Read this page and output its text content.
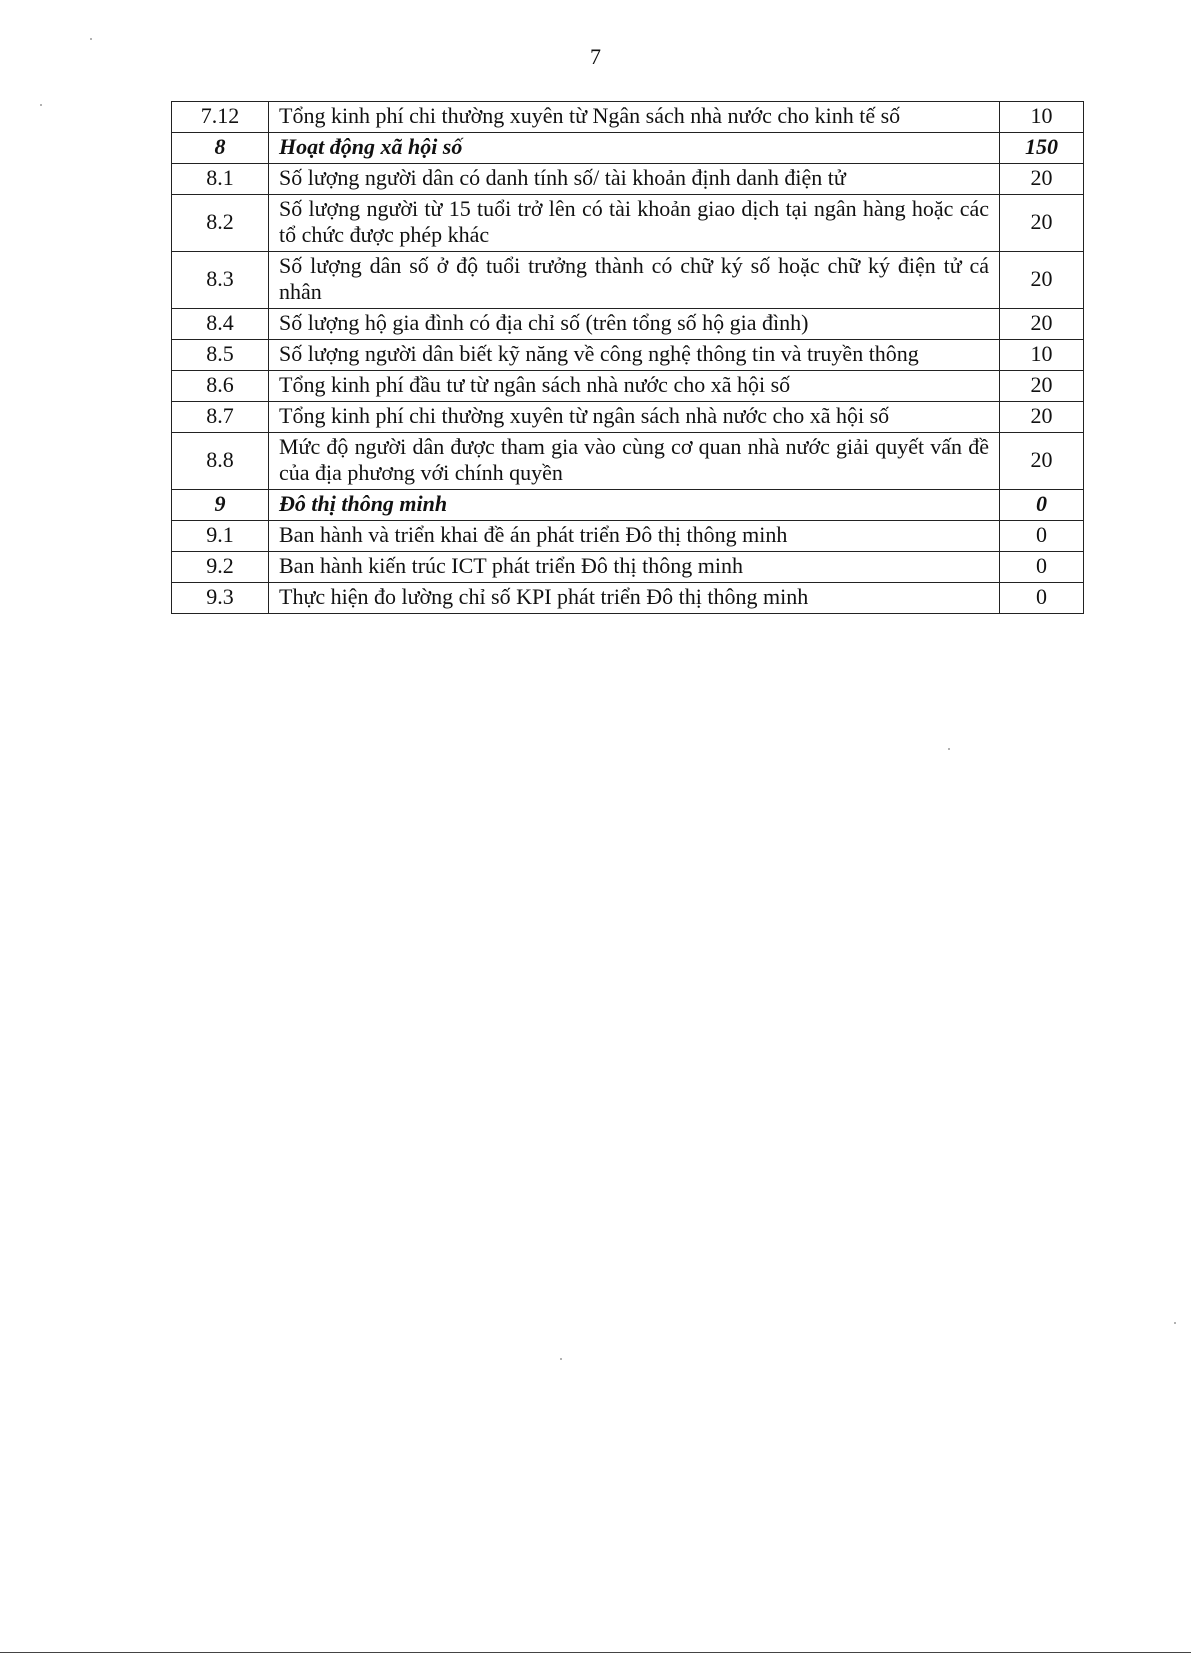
7
7.12	Tổng kinh phí chi thường xuyên từ Ngân sách nhà nước cho kinh tế số	10
8	Hoạt động xã hội số	150
8.1	Số lượng người dân có danh tính số/ tài khoản định danh điện tử	20
8.2	Số lượng người từ 15 tuổi trở lên có tài khoản giao dịch tại ngân hàng hoặc các tổ chức được phép khác	20
8.3	Số lượng dân số ở độ tuổi trưởng thành có chữ ký số hoặc chữ ký điện tử cá nhân	20
8.4	Số lượng hộ gia đình có địa chỉ số (trên tổng số hộ gia đình)	20
8.5	Số lượng người dân biết kỹ năng về công nghệ thông tin và truyền thông	10
8.6	Tổng kinh phí đầu tư từ ngân sách nhà nước cho xã hội số	20
8.7	Tổng kinh phí chi thường xuyên từ ngân sách nhà nước cho xã hội số	20
8.8	Mức độ người dân được tham gia vào cùng cơ quan nhà nước giải quyết vấn đề của địa phương với chính quyền	20
9	Đô thị thông minh	0
9.1	Ban hành và triển khai đề án phát triển Đô thị thông minh	0
9.2	Ban hành kiến trúc ICT phát triển Đô thị thông minh	0
9.3	Thực hiện đo lường chỉ số KPI phát triển Đô thị thông minh	0
